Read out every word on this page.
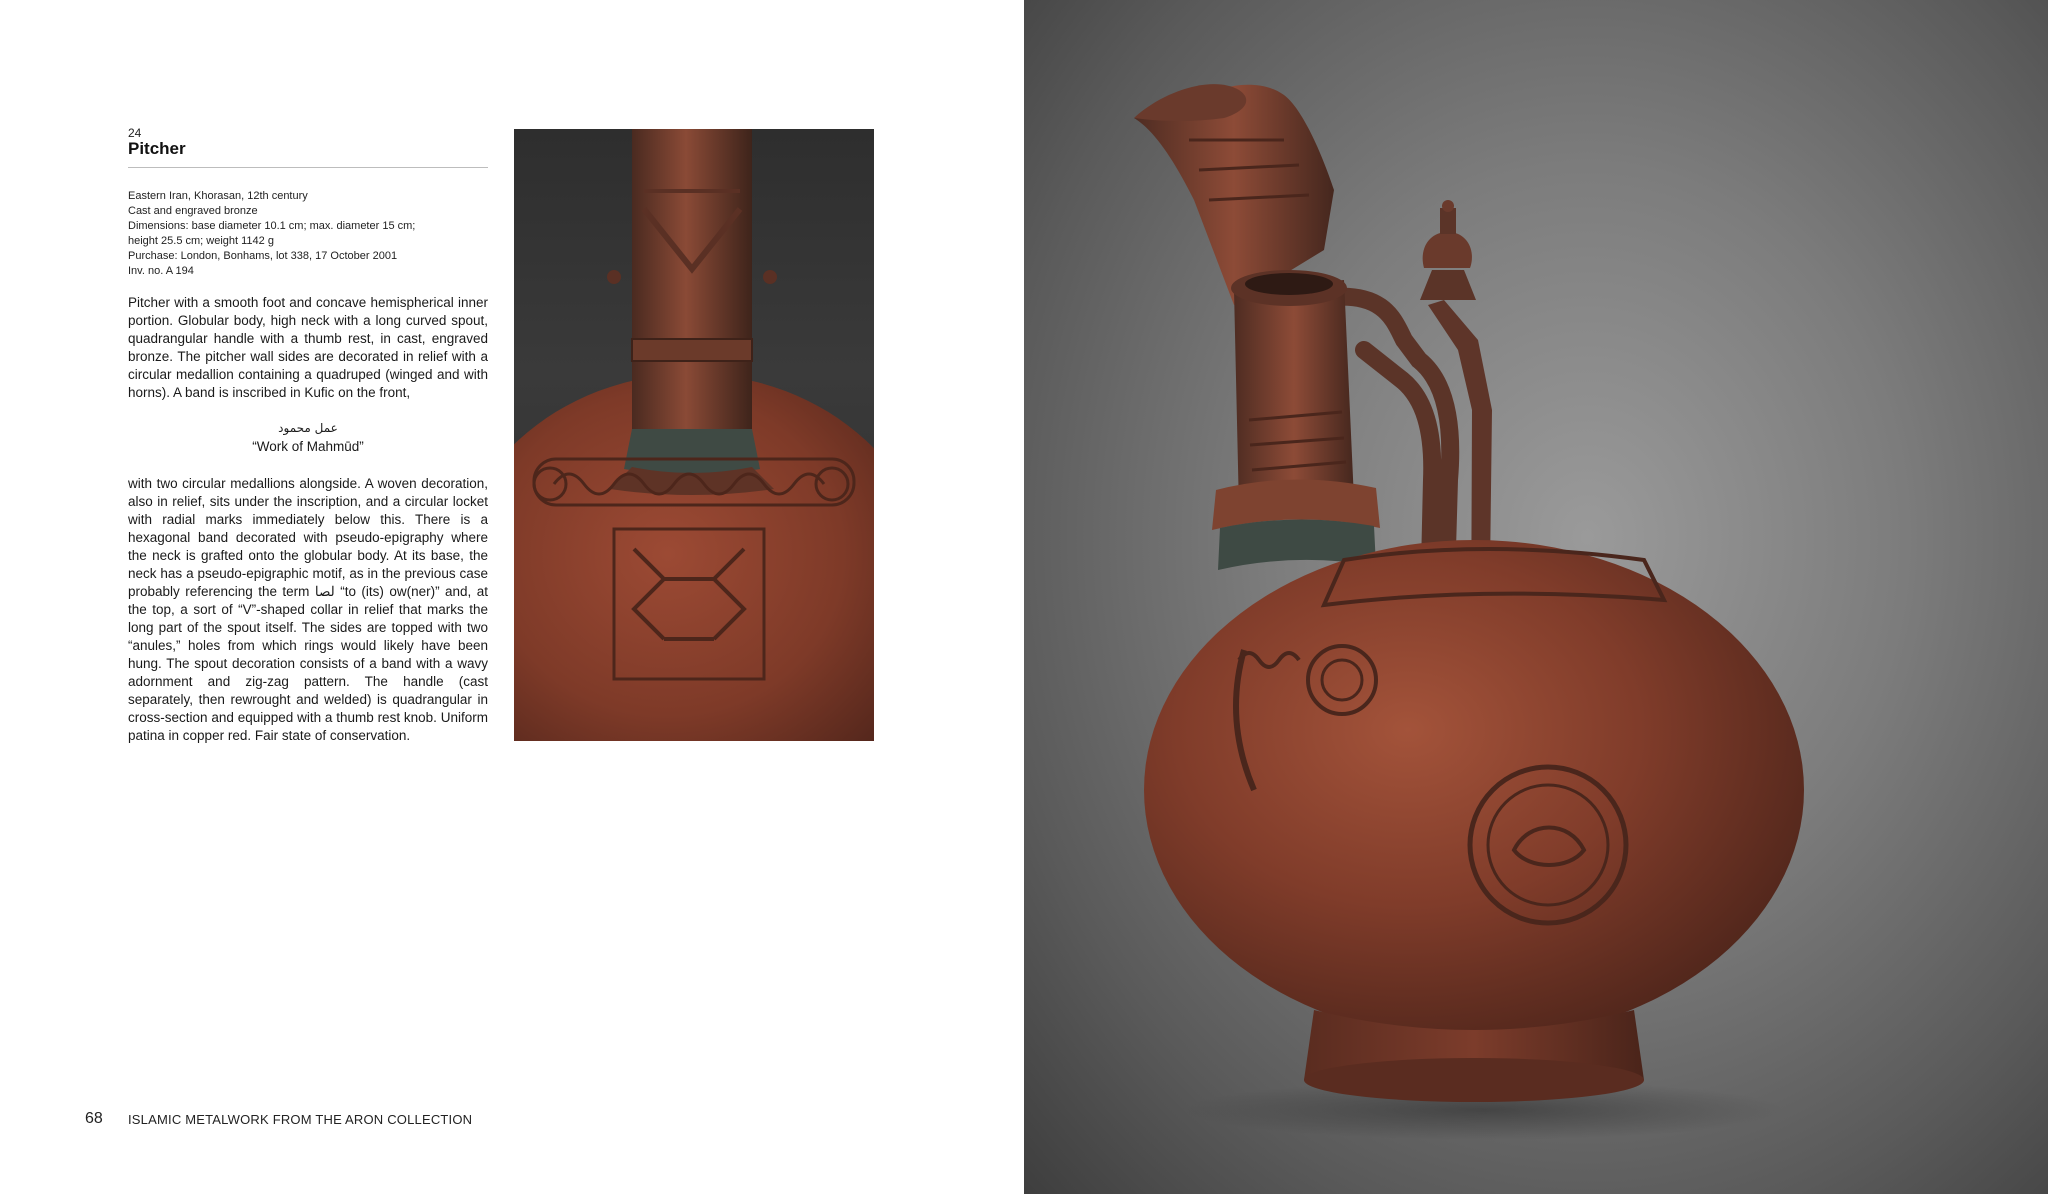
24
Pitcher
Eastern Iran, Khorasan, 12th century
Cast and engraved bronze
Dimensions: base diameter 10.1 cm; max. diameter 15 cm;
height 25.5 cm; weight 1142 g
Purchase: London, Bonhams, lot 338, 17 October 2001
Inv. no. A 194
Pitcher with a smooth foot and concave hemispherical inner portion. Globular body, high neck with a long curved spout, quadrangular handle with a thumb rest, in cast, engraved bronze. The pitcher wall sides are decorated in relief with a circular medallion containing a quadruped (winged and with horns). A band is inscribed in Kufic on the front,
عمل محمود
“Work of Mahmūd”
with two circular medallions alongside. A woven decoration, also in relief, sits under the inscription, and a circular locket with radial marks immediately below this. There is a hexagonal band decorated with pseudo-epigraphy where the neck is grafted onto the globular body. At its base, the neck has a pseudo-epigraphic motif, as in the previous case probably referencing the term لصا “to (its) ow(ner)” and, at the top, a sort of “V”-shaped collar in relief that marks the long part of the spout itself. The sides are topped with two “anules,” holes from which rings would likely have been hung. The spout decoration consists of a band with a wavy adornment and zig-zag pattern. The handle (cast separately, then rewrought and welded) is quadrangular in cross-section and equipped with a thumb rest knob. Uniform patina in copper red. Fair state of conservation.
68 ISLAMIC METALWORK FROM THE ARON COLLECTION
